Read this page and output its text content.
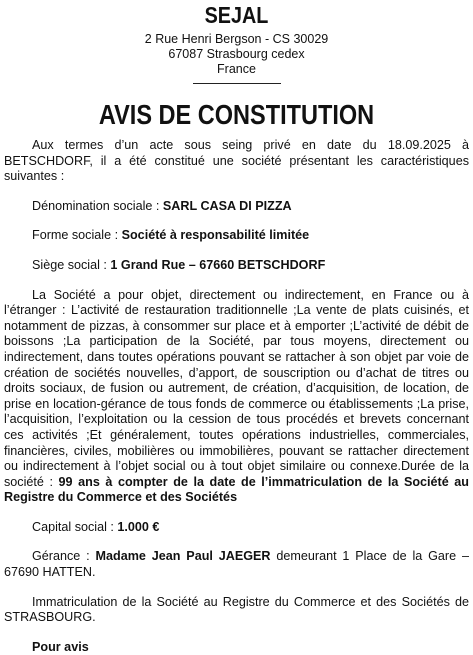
SEJAL
2 Rue Henri Bergson - CS 30029
67087 Strasbourg cedex
France
AVIS DE CONSTITUTION

Aux termes d’un acte sous seing privé en date du 18.09.2025 à BETSCHDORF, il a été constitué une société présentant les caractéristiques suivantes :

Dénomination sociale : SARL CASA DI PIZZA

Forme sociale : Société à responsabilité limitée

Siège social : 1 Grand Rue – 67660 BETSCHDORF

La Société a pour objet, directement ou indirectement, en France ou à l’étranger : L’activité de restauration traditionnelle ;La vente de plats cuisinés, et notamment de pizzas, à consommer sur place et à emporter ;L’activité de débit de boissons ;La participation de la Société, par tous moyens, directement ou indirectement, dans toutes opérations pouvant se rattacher à son objet par voie de création de sociétés nouvelles, d’apport, de souscription ou d’achat de titres ou droits sociaux, de fusion ou autrement, de création, d’acquisition, de location, de prise en location-gérance de tous fonds de commerce ou établissements ;La prise, l’acquisition, l’exploitation ou la cession de tous procédés et brevets concernant ces activités ;Et généralement, toutes opérations industrielles, commerciales, financières, civiles, mobilières ou immobilières, pouvant se rattacher directement ou indirectement à l’objet social ou à tout objet similaire ou connexe.Durée de la société : 99 ans à compter de la date de l’immatriculation de la Société au Registre du Commerce et des Sociétés

Capital social : 1.000 €

Gérance : Madame Jean Paul JAEGER demeurant 1 Place de la Gare – 67690 HATTEN.

Immatriculation de la Société au Registre du Commerce et des Sociétés de STRASBOURG.

Pour avis
